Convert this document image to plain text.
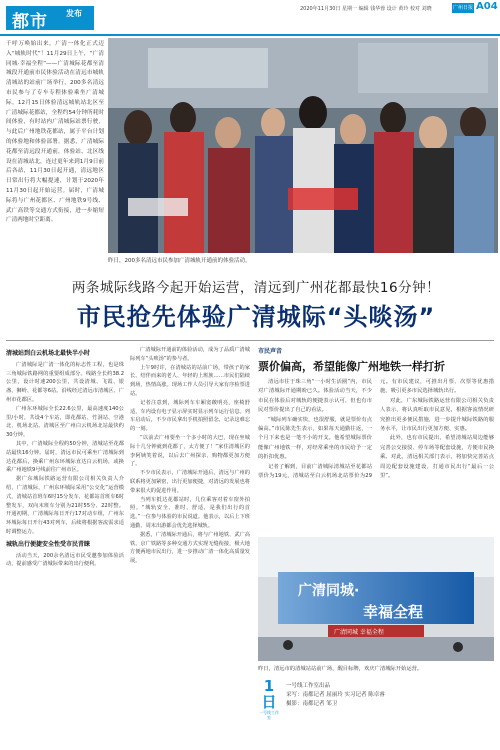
都市 发布	2020年11月30日 星期一 编辑 钱华蓉 设计 黄玲 校对 刘晓	广州日报 A04
千呼万唤始出来，广清一体化正式迈入“城轨时代”！11月29日上午，“广清同城·幸福全程”——广清城际花都至清城段开通前市民体验活动在清远市城轨清城站的站前广场举行，200多名清远市民参与了专车专程体验乘坐广清城际。12月15日体验清远城轨站北区至广清城际花都站，全程约54分钟所耗时间体验，有时站内广清城际站票行驶，与此后广州地铁花都站，属于平台计划的体验地和体验部署。据悉，广清城际花都至清远段开通前，体验站、北区线设在清城站北，连过更年来到1月9日前后各站，11月30日起开通，清远地区日常出行将大幅提速，计划于2020年11月30日起开始运营。届时，广清城际将与广州花都区、广州地铁9号线、武广高铁等交通方式衔接，进一步缩短广清两地时空距离。
昨日，200多名清远市民参加广清城轨开通前的体验活动。
两条城际线路今起开始运营，清远到广州花都最快16分钟！
市民抢先体验广清城际“头啖汤”
清城站到白云机场北最快半小时

广清城际是广清一体化的标志性工程，也是珠三角城际铁路网的重要组成部分。线路全长约38.2公里，设计时速200公里，共设清城、飞霞、银盏、狮岭、花都等6站。沿线经过清远市清城区、广州市花都区。

广州东环城际全长22.6公里，最高速度140公里/小时，共设4个车站，即花都站、竹洞站、空港北、机场北站。清城区至广州白云机场北站最快约30分钟。

其中，广清城际全程约50分钟，清城站至花都站最快16分钟。届时，清远市民可乘坐广清城际到达花都后，换乘广州东环城际直达白云机场，或换乘广州地铁9号线前往广州市区。

据广东城际铁路运营有限公司相关负责人介绍，广清城际、广州东环城际采用“公交化”运营模式，清城站首班车6时15分发车，花都站首班车6时整发车，双向末班车分别为21时55分、22时整。开通初期，广清城际每日开行17对动车组，广州东环城际每日开行43对列车，后续将根据客流需求适时调整运力。

城轨出行便捷安全性受市民青睐

活动当天，200余名清远市民受邀参加体验活动，提前感受广清城际带来的出行便利。

广清城际开通前的体验活动，成为了品质广清城际列车“头啖汤”的参与者。

上午9时许，在清城站的站前广场，带孩子的家长、结伴而来的老人、年轻的上班族……市民们陆续到场，热情高涨。现场工作人员引导大家有序检票进站。

记者注意到，城际列车车厢宽敞明亮，座椅舒适，车内设有电子显示屏实时显示列车运行信息。列车启动后，不少市民拿出手机拍照留念，记录这难忘的一刻。

“以前去广州要坐一个多小时的大巴，现在坐城际十几分钟就到花都了，太方便了！”家住清城区的李阿姨笑着说，以后去广州探亲、购物都更加方便了。

不少市民表示，广清城际开通后，清远与广州的联系将更加紧密，出行更加便捷，对清远的发展也将带来很大的促进作用。

当列车抵达花都站时，几位乘客对着车窗外拍照。“城轨安全、准时、舒适，是我们出行的首选。”一位参与体验的市民说道。他表示，以后上下班通勤、周末出游都会优先选择城轨。

据悉，广清城际开通后，将与广州地铁、武广高铁、京广铁路等多种交通方式实现无缝衔接，极大地方便两地市民出行，进一步推动广清一体化高质量发展。

市民声音
票价偏高，希望能像广州地铁一样打折

清远市往于珠三角“一小时生活圈”内，市民对广清城际开通期盼已久。体验活动当天，不少市民在体验后对城轨的便捷表示认可，但也有市民对票价提出了自己的看法。

“城际列车确实快，也很舒服，就是票价有点偏高。”市民陈先生表示，如果每天通勤往返，一个月下来也是一笔不小的开支。他希望城际票价能像广州地铁一样，对经常乘坐的市民给予一定的折扣优惠。

记者了解到，目前广清城际清城站至花都站票价为19元，清城站至白云机场北站票价为29元。有市民建议，可推出月票、次票等优惠措施，吸引更多市民选择城轨出行。

对此，广东城际铁路运营有限公司相关负责人表示，将认真听取市民意见，根据客流情况研究推出更多便民措施，进一步提升城际铁路的服务水平，让市民出行更加方便、实惠。

此外，也有市民提出，希望清城站周边能够完善公交接驳、停车场等配套设施，方便市民换乘。对此，清远相关部门表示，将加快完善站点周边配套设施建设，打通市民出行“最后一公里”。

广清同城·
幸福全程
广清同城 幸福全程
昨日，清远市的清城站站前广场，醒目标牌，欢庆广清城际开始运营。
1日
一号线工作室
一号线工作室出品
采写：南都记者 屈丽玲 实习记者 陈卓睿
摄影：南都记者 邹卫
